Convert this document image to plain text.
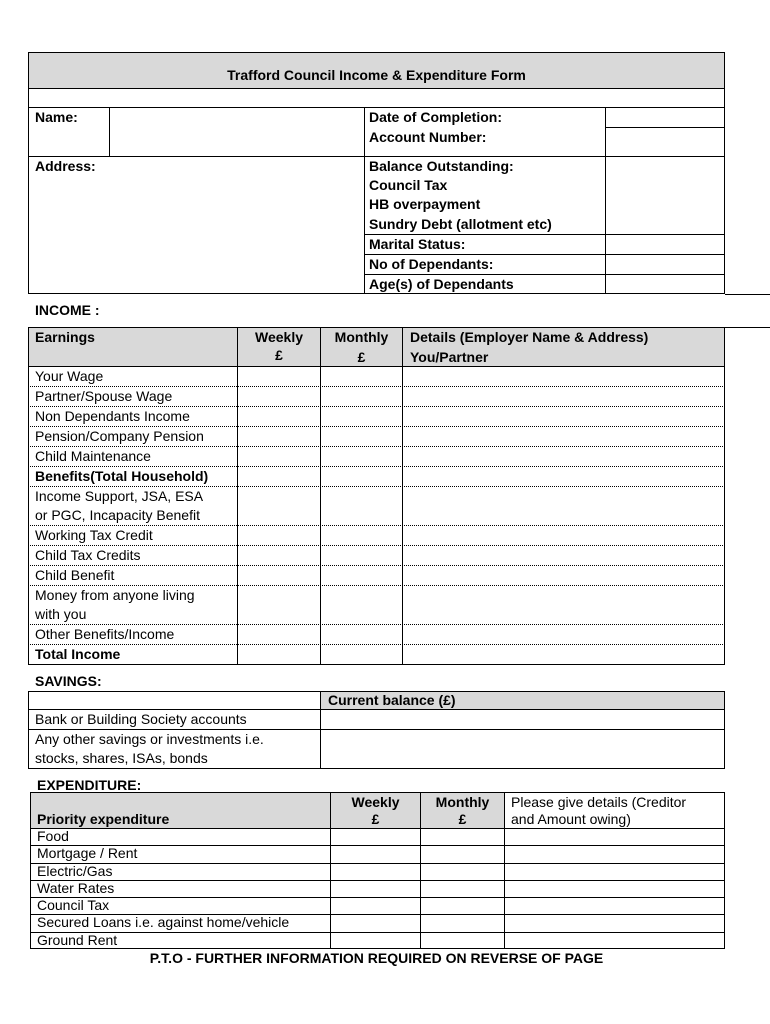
Trafford Council Income & Expenditure Form
Name:
Address:
Date of Completion:
Account Number:
Balance Outstanding:
Council Tax
HB overpayment
Sundry Debt (allotment etc)
Marital Status:
No of Dependants:
Age(s) of Dependants
INCOME :
Earnings	Weekly
£
Monthly
£
Details (Employer Name & Address)
You/Partner
Your Wage
Partner/Spouse Wage
Non Dependants Income
Pension/Company Pension
Child Maintenance
Benefits(Total Household)
Income Support, JSA, ESA
or PGC, Incapacity Benefit
Working Tax Credit
Child Tax Credits
Child Benefit
Money from anyone living
with you
Other Benefits/Income
Total Income
SAVINGS:
Current balance (£)
Bank or Building Society accounts
Any other savings or investments i.e.
stocks, shares, ISAs, bonds
EXPENDITURE:
Priority expenditure
Weekly
£
Monthly
£
Please give details (Creditor
and Amount owing)
Food
Mortgage / Rent
Electric/Gas
Water Rates
Council Tax
Secured Loans i.e. against home/vehicle
Ground Rent
P.T.O - FURTHER INFORMATION REQUIRED ON REVERSE OF PAGE
